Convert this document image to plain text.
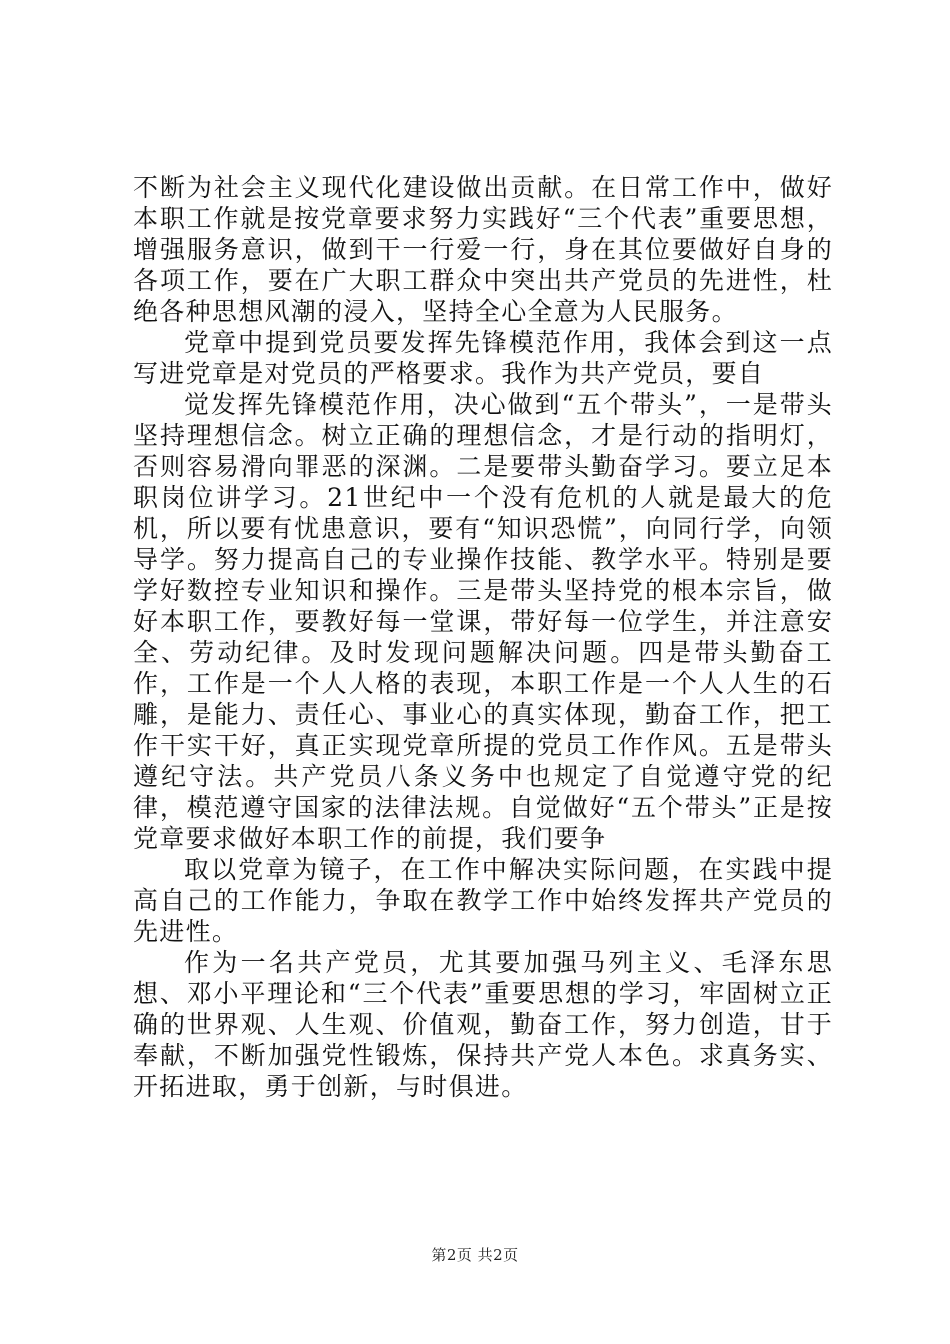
不断为社会主义现代化建设做出贡献。在日常工作中，做好本职工作就是按党章要求努力实践好“三个代表”重要思想，增强服务意识，做到干一行爱一行，身在其位要做好自身的各项工作，要在广大职工群众中突出共产党员的先进性，杜绝各种思想风潮的浸入，坚持全心全意为人民服务。

党章中提到党员要发挥先锋模范作用，我体会到这一点写进党章是对党员的严格要求。我作为共产党员，要自

觉发挥先锋模范作用，决心做到“五个带头”，一是带头坚持理想信念。树立正确的理想信念，才是行动的指明灯，否则容易滑向罪恶的深渊。二是要带头勤奋学习。要立足本职岗位讲学习。21世纪中一个没有危机的人就是最大的危机，所以要有忧患意识，要有“知识恐慌”，向同行学，向领导学。努力提高自己的专业操作技能、教学水平。特别是要学好数控专业知识和操作。三是带头坚持党的根本宗旨，做好本职工作，要教好每一堂课，带好每一位学生，并注意安全、劳动纪律。及时发现问题解决问题。四是带头勤奋工作，工作是一个人人格的表现，本职工作是一个人人生的石雕，是能力、责任心、事业心的真实体现，勤奋工作，把工作干实干好，真正实现党章所提的党员工作作风。五是带头遵纪守法。共产党员八条义务中也规定了自觉遵守党的纪律，模范遵守国家的法律法规。自觉做好“五个带头”正是按党章要求做好本职工作的前提，我们要争

取以党章为镜子，在工作中解决实际问题，在实践中提高自己的工作能力，争取在教学工作中始终发挥共产党员的先进性。

作为一名共产党员，尤其要加强马列主义、毛泽东思想、邓小平理论和“三个代表”重要思想的学习，牢固树立正确的世界观、人生观、价值观，勤奋工作，努力创造，甘于奉献，不断加强党性锻炼，保持共产党人本色。求真务实、开拓进取，勇于创新，与时俱进。

第2页 共2页
